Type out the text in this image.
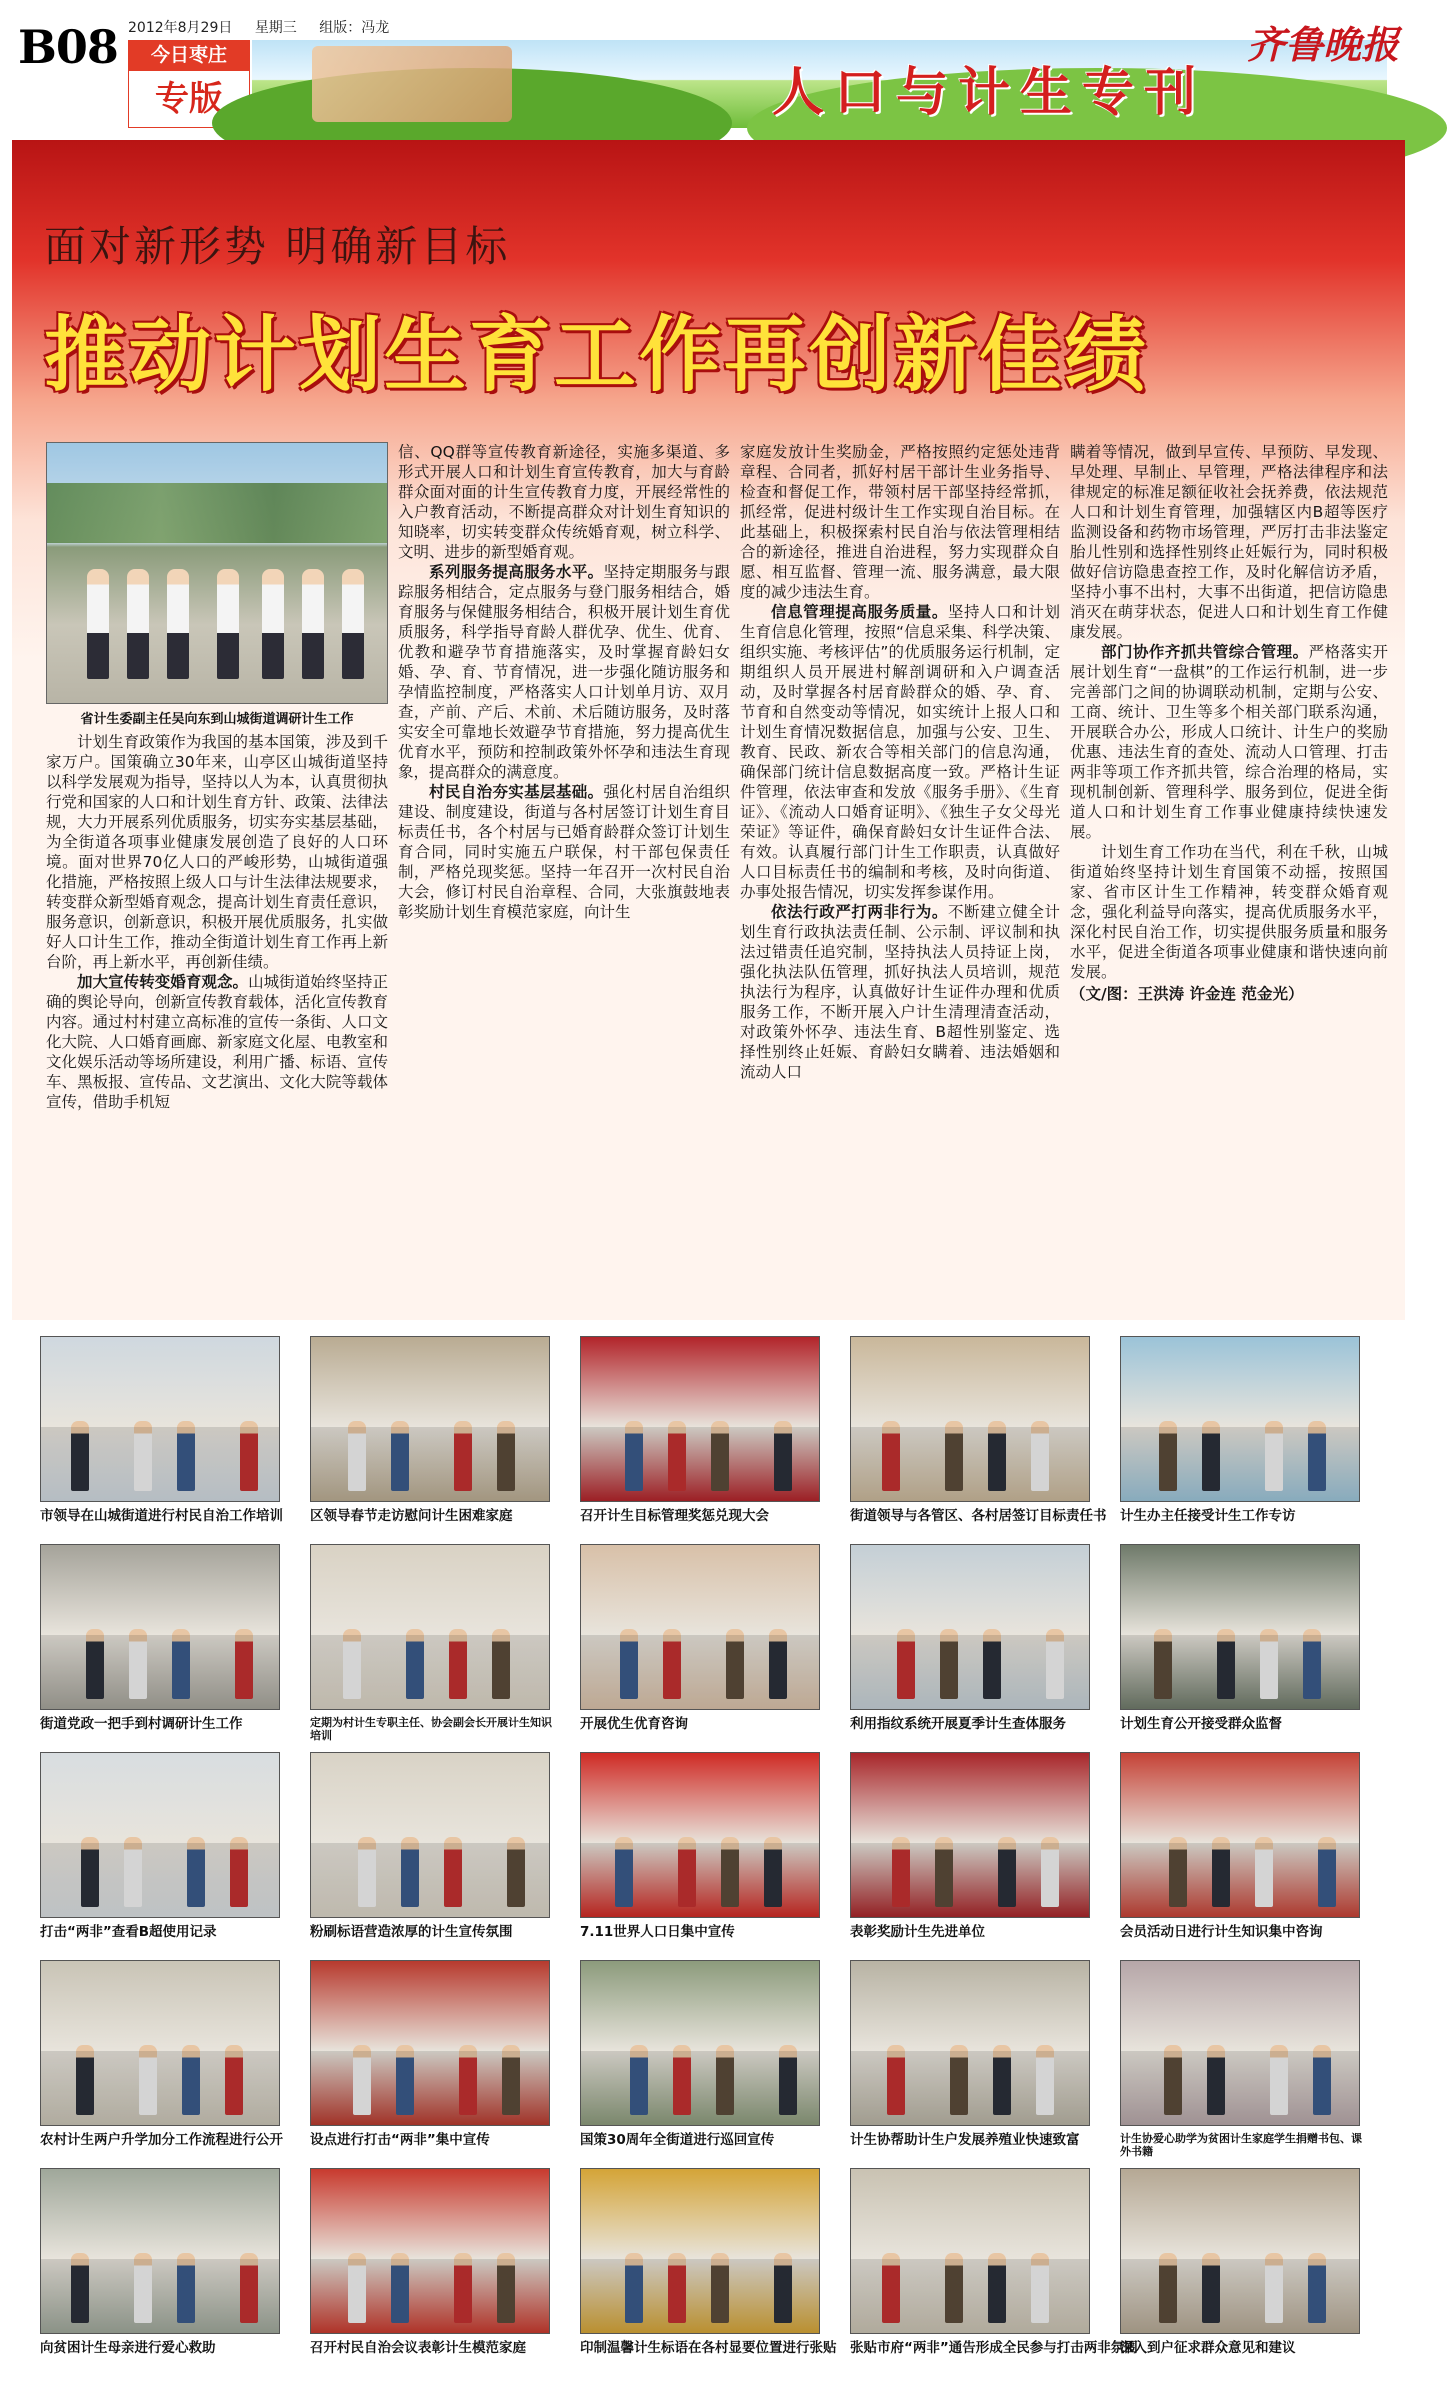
B08 2012年8月29日 星期三 组版：冯龙
今日枣庄
专版	人口与计生专刊
齐鲁晚报
面对新形势 明确新目标
推动计划生育工作再创新佳绩
省计生委副主任吴向东到山城街道调研计生工作

计划生育政策作为我国的基本国策，涉及到千家万户。国策确立30年来，山亭区山城街道坚持以科学发展观为指导，坚持以人为本，认真贯彻执行党和国家的人口和计划生育方针、政策、法律法规，大力开展系列优质服务，切实夯实基层基础，为全街道各项事业健康发展创造了良好的人口环境。面对世界70亿人口的严峻形势，山城街道强化措施，严格按照上级人口与计生法律法规要求，转变群众新型婚育观念，提高计划生育责任意识，服务意识，创新意识，积极开展优质服务，扎实做好人口计生工作，推动全街道计划生育工作再上新台阶，再上新水平，再创新佳绩。

加大宣传转变婚育观念。山城街道始终坚持正确的舆论导向，创新宣传教育载体，活化宣传教育内容。通过村村建立高标准的宣传一条街、人口文化大院、人口婚育画廊、新家庭文化屋、电教室和文化娱乐活动等场所建设，利用广播、标语、宣传车、黑板报、宣传品、文艺演出、文化大院等载体宣传，借助手机短

信、QQ群等宣传教育新途径，实施多渠道、多形式开展人口和计划生育宣传教育，加大与育龄群众面对面的计生宣传教育力度，开展经常性的入户教育活动，不断提高群众对计划生育知识的知晓率，切实转变群众传统婚育观，树立科学、文明、进步的新型婚育观。

系列服务提高服务水平。坚持定期服务与跟踪服务相结合，定点服务与登门服务相结合，婚育服务与保健服务相结合，积极开展计划生育优质服务，科学指导育龄人群优孕、优生、优育、优教和避孕节育措施落实，及时掌握育龄妇女婚、孕、育、节育情况，进一步强化随访服务和孕情监控制度，严格落实人口计划单月访、双月查，产前、产后、术前、术后随访服务，及时落实安全可靠地长效避孕节育措施，努力提高优生优育水平，预防和控制政策外怀孕和违法生育现象，提高群众的满意度。

村民自治夯实基层基础。强化村居自治组织建设、制度建设，街道与各村居签订计划生育目标责任书，各个村居与已婚育龄群众签订计划生育合同，同时实施五户联保，村干部包保责任制，严格兑现奖惩。坚持一年召开一次村民自治大会，修订村民自治章程、合同，大张旗鼓地表彰奖励计划生育模范家庭，向计生

家庭发放计生奖励金，严格按照约定惩处违背章程、合同者，抓好村居干部计生业务指导、检查和督促工作，带领村居干部坚持经常抓，抓经常，促进村级计生工作实现自治目标。在此基础上，积极探索村民自治与依法管理相结合的新途径，推进自治进程，努力实现群众自愿、相互监督、管理一流、服务满意，最大限度的减少违法生育。

信息管理提高服务质量。坚持人口和计划生育信息化管理，按照“信息采集、科学决策、组织实施、考核评估”的优质服务运行机制，定期组织人员开展进村解剖调研和入户调查活动，及时掌握各村居育龄群众的婚、孕、育、节育和自然变动等情况，如实统计上报人口和计划生育情况数据信息，加强与公安、卫生、教育、民政、新农合等相关部门的信息沟通，确保部门统计信息数据高度一致。严格计生证件管理，依法审查和发放《服务手册》、《生育证》、《流动人口婚育证明》、《独生子女父母光荣证》等证件，确保育龄妇女计生证件合法、有效。认真履行部门计生工作职责，认真做好人口目标责任书的编制和考核，及时向街道、办事处报告情况，切实发挥参谋作用。

依法行政严打两非行为。不断建立健全计划生育行政执法责任制、公示制、评议制和执法过错责任追究制，坚持执法人员持证上岗，强化执法队伍管理，抓好执法人员培训，规范执法行为程序，认真做好计生证件办理和优质服务工作，不断开展入户计生清理清查活动，对政策外怀孕、违法生育、B超性别鉴定、选择性别终止妊娠、育龄妇女瞒着、违法婚姻和流动人口

瞒着等情况，做到早宣传、早预防、早发现、早处理、早制止、早管理，严格法律程序和法律规定的标准足额征收社会抚养费，依法规范人口和计划生育管理，加强辖区内B超等医疗监测设备和药物市场管理，严厉打击非法鉴定胎儿性别和选择性别终止妊娠行为，同时积极做好信访隐患查控工作，及时化解信访矛盾，坚持小事不出村，大事不出街道，把信访隐患消灭在萌芽状态，促进人口和计划生育工作健康发展。

部门协作齐抓共管综合管理。严格落实开展计划生育“一盘棋”的工作运行机制，进一步完善部门之间的协调联动机制，定期与公安、工商、统计、卫生等多个相关部门联系沟通，开展联合办公，形成人口统计、计生户的奖励优惠、违法生育的查处、流动人口管理、打击两非等项工作齐抓共管，综合治理的格局，实现机制创新、管理科学、服务到位，促进全街道人口和计划生育工作事业健康持续快速发展。

计划生育工作功在当代，利在千秋，山城街道始终坚持计划生育国策不动摇，按照国家、省市区计生工作精神，转变群众婚育观念，强化利益导向落实，提高优质服务水平，深化村民自治工作，切实提供服务质量和服务水平，促进全街道各项事业健康和谐快速向前发展。
（文/图：王洪涛 许金连 范金光）

市领导在山城街道进行村民自治工作培训	区领导春节走访慰问计生困难家庭	召开计生目标管理奖惩兑现大会	街道领导与各管区、各村居签订目标责任书 计生办主任接受计生工作专访
街道党政一把手到村调研计生工作	定期为村计生专职主任、协会副会长开展计生知识培训
开展优生优育咨询	利用指纹系统开展夏季计生查体服务	计划生育公开接受群众监督
打击“两非”查看B超使用记录	粉刷标语营造浓厚的计生宣传氛围	7.11世界人口日集中宣传	表彰奖励计生先进单位	会员活动日进行计生知识集中咨询
农村计生两户升学加分工作流程进行公开	设点进行打击“两非”集中宣传	国策30周年全街道进行巡回宣传	计生协帮助计生户发展养殖业快速致富	计生协爱心助学为贫困计生家庭学生捐赠书包、课外书籍
向贫困计生母亲进行爱心救助	召开村民自治会议表彰计生模范家庭	印制温馨计生标语在各村显要位置进行张贴 张贴市府“两非”通告形成全民参与打击两非氛围
深入到户征求群众意见和建议
